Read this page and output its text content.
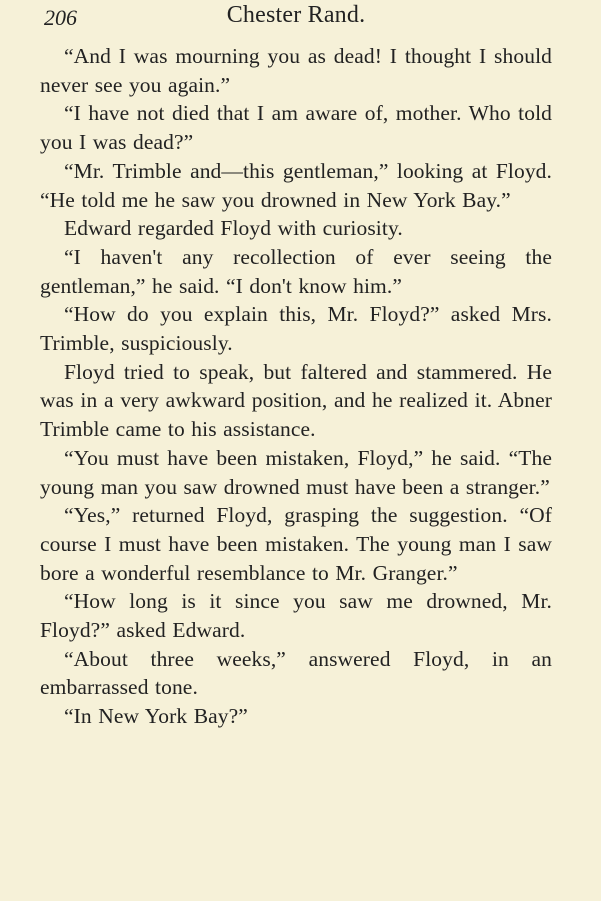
206	Chester Rand.

“And I was mourning you as dead! I thought I should never see you again.”

“I have not died that I am aware of, mother. Who told you I was dead?”

“Mr. Trimble and—this gentleman,” looking at Floyd. “He told me he saw you drowned in New York Bay.”

Edward regarded Floyd with curiosity.

“I haven't any recollection of ever seeing the gentleman,” he said. “I don't know him.”

“How do you explain this, Mr. Floyd?” asked Mrs. Trimble, suspiciously.

Floyd tried to speak, but faltered and stammered. He was in a very awkward position, and he realized it. Abner Trimble came to his assistance.

“You must have been mistaken, Floyd,” he said. “The young man you saw drowned must have been a stranger.”

“Yes,” returned Floyd, grasping the suggestion. “Of course I must have been mistaken. The young man I saw bore a wonderful resemblance to Mr. Granger.”

“How long is it since you saw me drowned, Mr. Floyd?” asked Edward.

“About three weeks,” answered Floyd, in an embarrassed tone.

“In New York Bay?”
